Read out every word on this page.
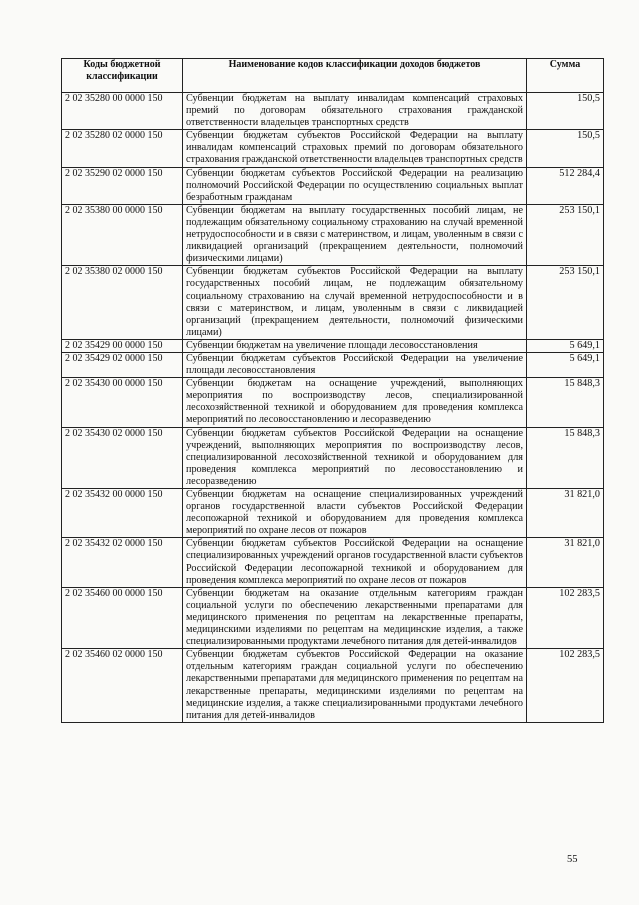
Коды бюджетной классификации	Наименование кодов классификации доходов бюджетов	Сумма
2 02 35280 00 0000 150	Субвенции бюджетам на выплату инвалидам компенсаций страховых премий по договорам обязательного страхования гражданской ответственности владельцев транспортных средств	150,5
2 02 35280 02 0000 150	Субвенции бюджетам субъектов Российской Федерации на выплату инвалидам компенсаций страховых премий по договорам обязательного страхования гражданской ответственности владельцев транспортных средств	150,5
2 02 35290 02 0000 150	Субвенции бюджетам субъектов Российской Федерации на реализацию полномочий Российской Федерации по осуществлению социальных выплат безработным гражданам	512 284,4
2 02 35380 00 0000 150	Субвенции бюджетам на выплату государственных пособий лицам, не подлежащим обязательному социальному страхованию на случай временной нетрудоспособности и в связи с материнством, и лицам, уволенным в связи с ликвидацией организаций (прекращением деятельности, полномочий физическими лицами)	253 150,1
2 02 35380 02 0000 150	Субвенции бюджетам субъектов Российской Федерации на выплату государственных пособий лицам, не подлежащим обязательному социальному страхованию на случай временной нетрудоспособности и в связи с материнством, и лицам, уволенным в связи с ликвидацией организаций (прекращением деятельности, полномочий физическими лицами)	253 150,1
2 02 35429 00 0000 150	Субвенции бюджетам на увеличение площади лесовосстановления	5 649,1
2 02 35429 02 0000 150	Субвенции бюджетам субъектов Российской Федерации на увеличение площади лесовосстановления	5 649,1
2 02 35430 00 0000 150	Субвенции бюджетам на оснащение учреждений, выполняющих мероприятия по воспроизводству лесов, специализированной лесохозяйственной техникой и оборудованием для проведения комплекса мероприятий по лесовосстановлению и лесоразведению	15 848,3
2 02 35430 02 0000 150	Субвенции бюджетам субъектов Российской Федерации на оснащение учреждений, выполняющих мероприятия по воспроизводству лесов, специализированной лесохозяйственной техникой и оборудованием для проведения комплекса мероприятий по лесовосстановлению и лесоразведению	15 848,3
2 02 35432 00 0000 150	Субвенции бюджетам на оснащение специализированных учреждений органов государственной власти субъектов Российской Федерации лесопожарной техникой и оборудованием для проведения комплекса мероприятий по охране лесов от пожаров	31 821,0
2 02 35432 02 0000 150	Субвенции бюджетам субъектов Российской Федерации на оснащение специализированных учреждений органов государственной власти субъектов Российской Федерации лесопожарной техникой и оборудованием для проведения комплекса мероприятий по охране лесов от пожаров	31 821,0
2 02 35460 00 0000 150	Субвенции бюджетам на оказание отдельным категориям граждан социальной услуги по обеспечению лекарственными препаратами для медицинского применения по рецептам на лекарственные препараты, медицинскими изделиями по рецептам на медицинские изделия, а также специализированными продуктами лечебного питания для детей-инвалидов	102 283,5
2 02 35460 02 0000 150	Субвенции бюджетам субъектов Российской Федерации на оказание отдельным категориям граждан социальной услуги по обеспечению лекарственными препаратами для медицинского применения по рецептам на лекарственные препараты, медицинскими изделиями по рецептам на медицинские изделия, а также специализированными продуктами лечебного питания для детей-инвалидов	102 283,5
55
